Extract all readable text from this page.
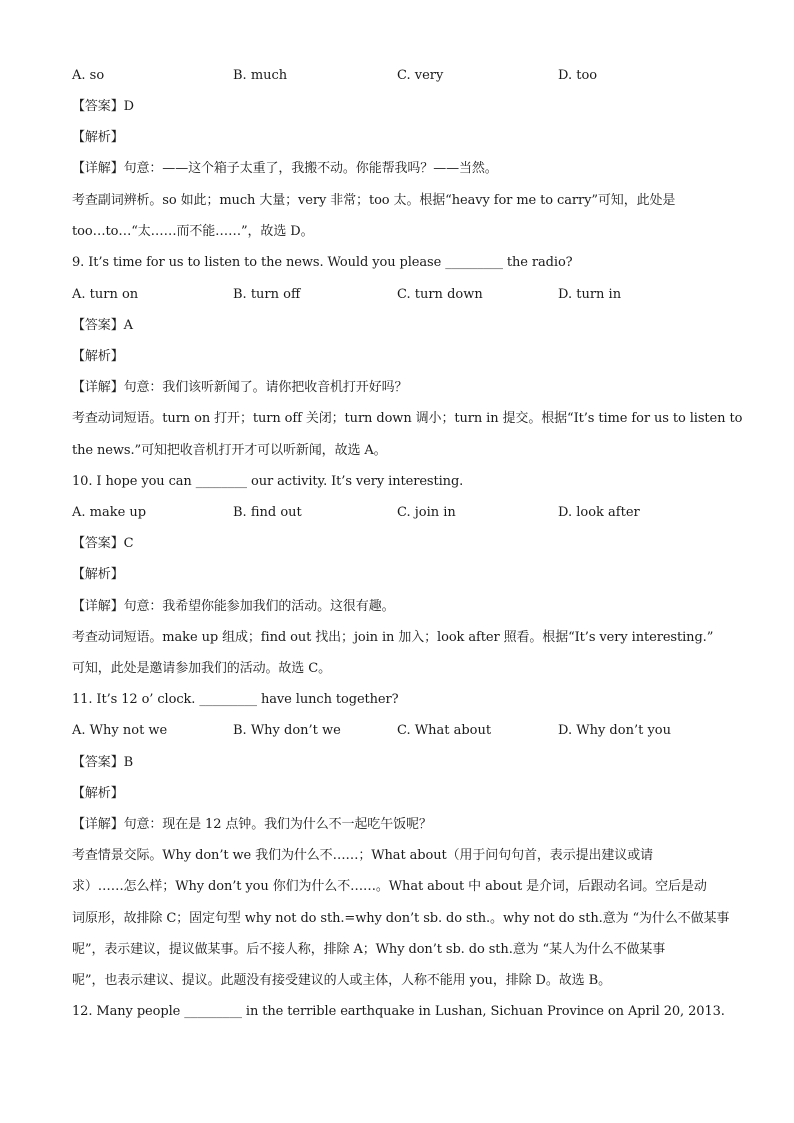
A. so	B. much	C. very	D. too
【答案】D
【解析】
【详解】句意：——这个箱子太重了，我搬不动。你能帮我吗？——当然。
考查副词辨析。so 如此；much 大量；very 非常；too 太。根据“heavy for me to carry”可知，此处是
too…to…“太……而不能……”，故选 D。
9. It’s time for us to listen to the news. Would you please _________ the radio?
A. turn on	B. turn off	C. turn down	D. turn in
【答案】A
【解析】
【详解】句意：我们该听新闻了。请你把收音机打开好吗？
考查动词短语。turn on 打开；turn off 关闭；turn down 调小；turn in 提交。根据“It’s time for us to listen to
the news.”可知把收音机打开才可以听新闻，故选 A。
10. I hope you can ________ our activity. It’s very interesting.
A. make up	B. find out	C. join in	D. look after
【答案】C
【解析】
【详解】句意：我希望你能参加我们的活动。这很有趣。
考查动词短语。make up 组成；find out 找出；join in 加入；look after 照看。根据“It’s very interesting.”
可知，此处是邀请参加我们的活动。故选 C。
11. It’s 12 o’ clock. _________ have lunch together?
A. Why not we	B. Why don’t we	C. What about	D. Why don’t you
【答案】B
【解析】
【详解】句意：现在是 12 点钟。我们为什么不一起吃午饭呢？
考查情景交际。Why don’t we 我们为什么不……；What about（用于问句句首，表示提出建议或请
求）……怎么样；Why don’t you 你们为什么不……。What about 中 about 是介词，后跟动名词。空后是动
词原形，故排除 C；固定句型 why not do sth.=why don’t sb. do sth.。why not do sth.意为 “为什么不做某事
呢”，表示建议，提议做某事。后不接人称，排除 A；Why don’t sb. do sth.意为 “某人为什么不做某事
呢”，也表示建议、提议。此题没有接受建议的人或主体，人称不能用 you，排除 D。故选 B。
12. Many people _________ in the terrible earthquake in Lushan, Sichuan Province on April 20, 2013.
